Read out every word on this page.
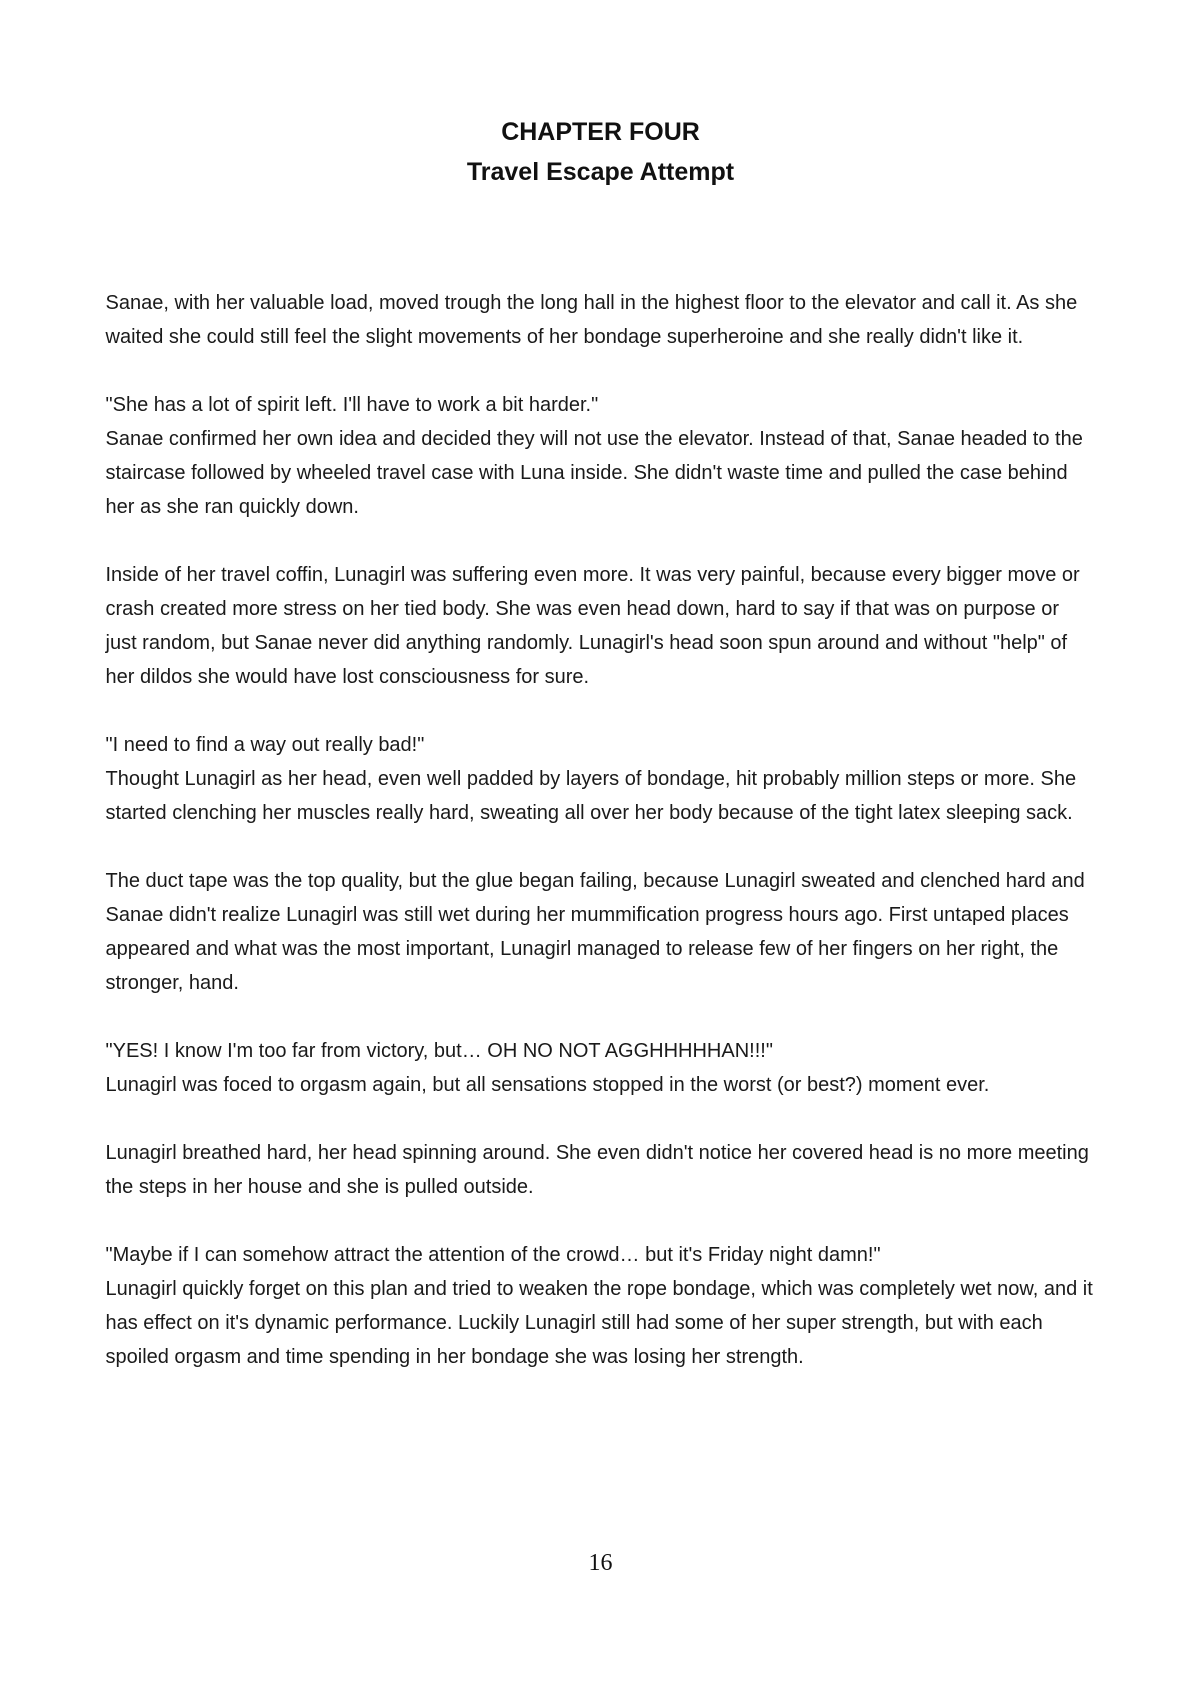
CHAPTER FOUR
Travel Escape Attempt
Sanae, with her valuable load, moved trough the long hall in the highest floor to the elevator and call it. As she waited she could still feel the slight movements of her bondage superheroine and she really didn't like it.
"She has a lot of spirit left. I'll have to work a bit harder."
Sanae confirmed her own idea and decided they will not use the elevator. Instead of that, Sanae headed to the staircase followed by wheeled travel case with Luna inside. She didn't waste time and pulled the case behind her as she ran quickly down.
Inside of her travel coffin, Lunagirl was suffering even more. It was very painful, because every bigger move or crash created more stress on her tied body. She was even head down, hard to say if that was on purpose or just random, but Sanae never did anything randomly. Lunagirl's head soon spun around and without "help" of her dildos she would have lost consciousness for sure.
"I need to find a way out really bad!"
Thought Lunagirl as her head, even well padded by layers of bondage, hit probably million steps or more. She started clenching her muscles really hard, sweating all over her body because of the tight latex sleeping sack.
The duct tape was the top quality, but the glue began failing, because Lunagirl sweated and clenched hard and Sanae didn't realize Lunagirl was still wet during her mummification progress hours ago. First untaped places appeared and what was the most important, Lunagirl managed to release few of her fingers on her right, the stronger, hand.
"YES! I know I'm too far from victory, but… OH NO NOT AGGHHHHHAN!!!"
Lunagirl was foced to orgasm again, but all sensations stopped in the worst (or best?) moment ever.
Lunagirl breathed hard, her head spinning around. She even didn't notice her covered head is no more meeting the steps in her house and she is pulled outside.
"Maybe if I can somehow attract the attention of the crowd… but it's Friday night damn!"
Lunagirl quickly forget on this plan and tried to weaken the rope bondage, which was completely wet now, and it has effect on it's dynamic performance. Luckily Lunagirl still had some of her super strength, but with each spoiled orgasm and time spending in her bondage she was losing her strength.
16
